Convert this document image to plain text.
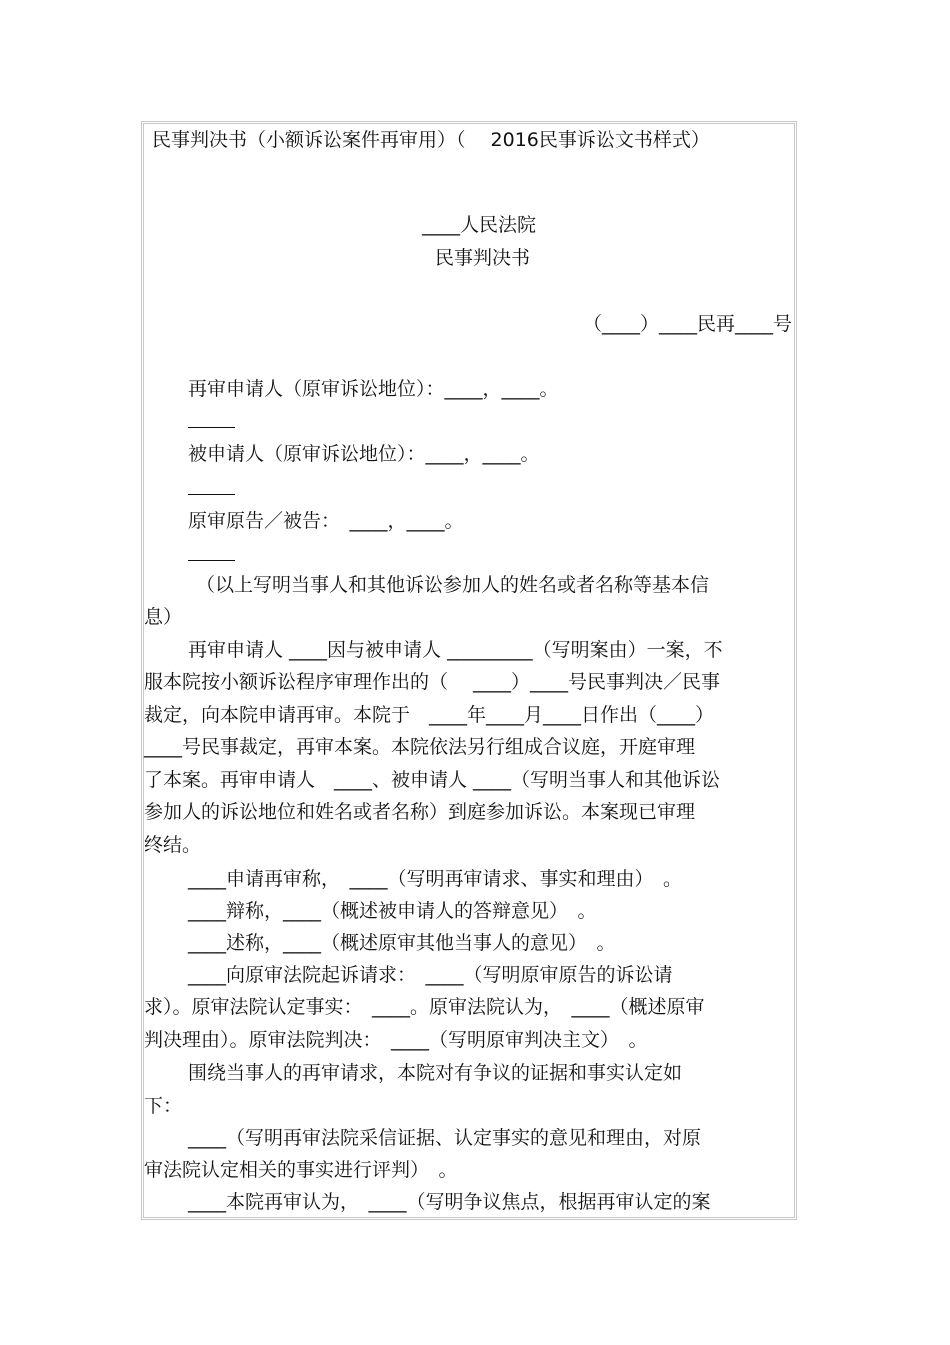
民事判决书（小额诉讼案件再审用）（　 2016民事诉讼文书样式）
____人民法院
民事判决书
（____）____民再____号
再审申请人（原审诉讼地位）：____，____。
被申请人（原审诉讼地位）：____，____。
原审原告／被告：　____，____。
（以上写明当事人和其他诉讼参加人的姓名或者名称等基本信
息）
再审申请人 ____因与被申请人 _________（写明案由）一案，不
服本院按小额诉讼程序审理作出的（　 ____）____号民事判决／民事
裁定，向本院申请再审。本院于　____年____月____日作出（____）
____号民事裁定，再审本案。本院依法另行组成合议庭，开庭审理
了本案。再审申请人　____、被申请人 ____（写明当事人和其他诉讼
参加人的诉讼地位和姓名或者名称）到庭参加诉讼。本案现已审理
终结。
____申请再审称，　____（写明再审请求、事实和理由）　。
____辩称，____（概述被申请人的答辩意见）　。
____述称，____（概述原审其他当事人的意见）　。
____向原审法院起诉请求：　____（写明原审原告的诉讼请
求）。原审法院认定事实：　____。原审法院认为，　____（概述原审
判决理由）。原审法院判决：　____（写明原审判决主文）　。
围绕当事人的再审请求，本院对有争议的证据和事实认定如
下：
____（写明再审法院采信证据、认定事实的意见和理由，对原
审法院认定相关的事实进行评判）　。
____本院再审认为，　____（写明争议焦点，根据再审认定的案
